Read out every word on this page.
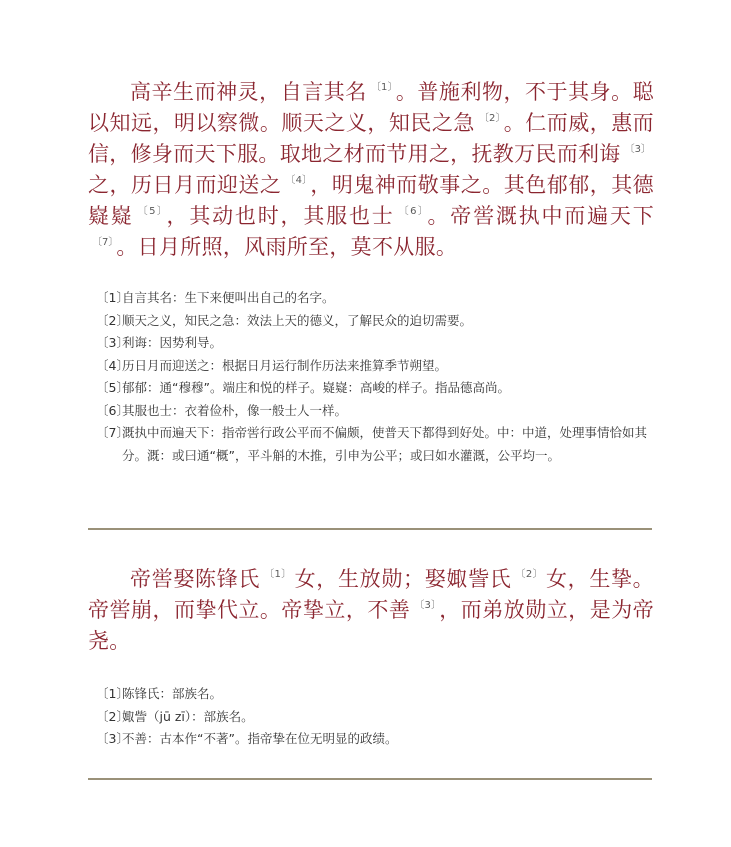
高辛生而神灵，自言其名 $^{〔1〕}$ 。普施利物，不于其身。聪以知远，明以察微。顺天之义，知民之急 $^{〔2〕}$ 。仁而威，惠而信，修身而天下服。取地之材而节用之，抚教万民而利诲 $^{〔3〕}$之，历日月而迎送之 $^{〔4〕}$ ，明鬼神而敬事之。其色郁郁，其德嶷嶷 $^{〔5〕}$ ，其动也时，其服也士 $^{〔6〕}$ 。帝喾溉执中而遍天下$^{〔7〕}$ 。日月所照，风雨所至，莫不从服。

〔1〕
自言其名：生下来便叫出自己的名字。
〔2〕
顺天之义，知民之急：效法上天的德义，了解民众的迫切需要。
〔3〕
利诲：因势利导。
〔4〕
历日月而迎送之：根据日月运行制作历法来推算季节朔望。
〔5〕
郁郁：通“穆穆”。端庄和悦的样子。嶷嶷：高峻的样子。指品德高尚。
〔6〕
其服也士：衣着俭朴，像一般士人一样。
〔7〕
溉执中而遍天下：指帝喾行政公平而不偏颇，使普天下都得到好处。中：中道，处理事情恰如其分。溉：或曰通“概”，平斗斛的木推，引申为公平；或曰如水灌溉，公平均一。

帝喾娶陈锋氏 $^{〔1〕}$ 女，生放勋；娶娵訾氏 $^{〔2〕}$ 女，生挚。帝喾崩，而挚代立。帝挚立，不善 $^{〔3〕}$ ，而弟放勋立，是为帝尧。

〔1〕
陈锋氏：部族名。
〔2〕
娵訾（jū zī）：部族名。
〔3〕
不善：古本作“不著”。指帝挚在位无明显的政绩。
